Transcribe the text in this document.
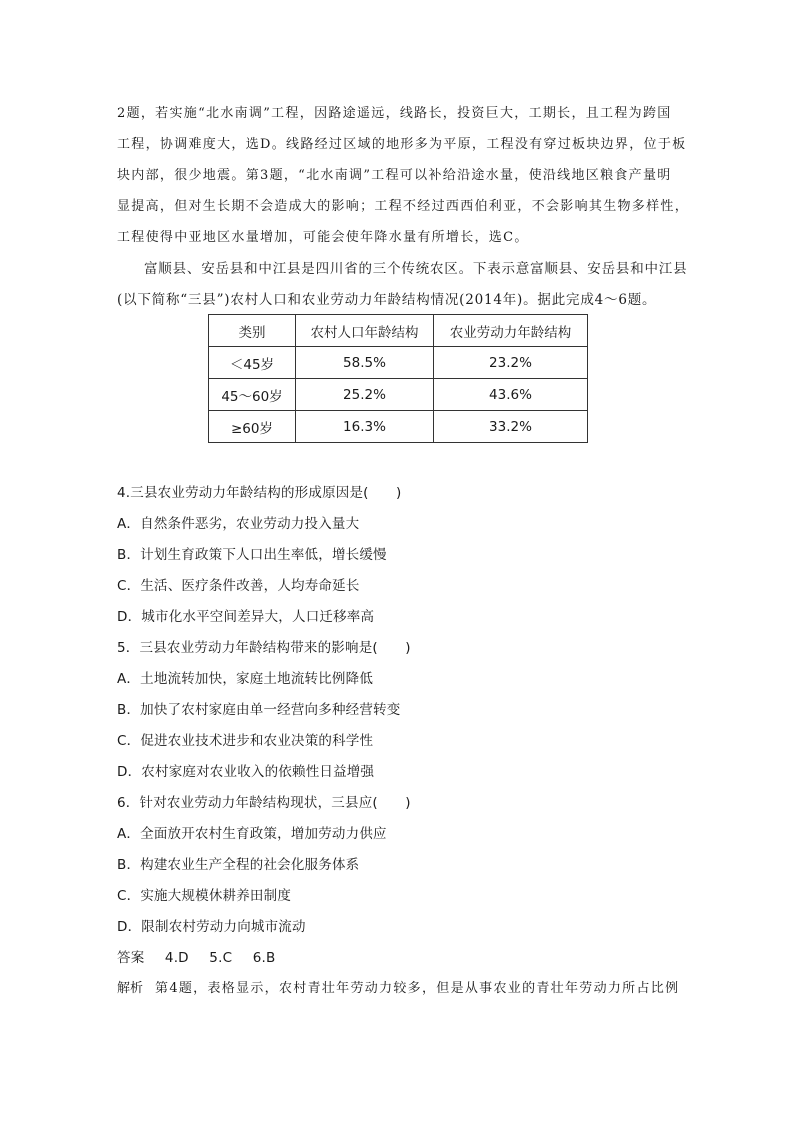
2题，若实施“北水南调”工程，因路途遥远，线路长，投资巨大，工期长，且工程为跨国
工程，协调难度大，选D。线路经过区域的地形多为平原，工程没有穿过板块边界，位于板
块内部，很少地震。第3题，“北水南调”工程可以补给沿途水量，使沿线地区粮食产量明
显提高，但对生长期不会造成大的影响；工程不经过西西伯利亚，不会影响其生物多样性，
工程使得中亚地区水量增加，可能会使年降水量有所增长，选C。
富顺县、安岳县和中江县是四川省的三个传统农区。下表示意富顺县、安岳县和中江县
(以下简称“三县”)农村人口和农业劳动力年龄结构情况(2014年)。据此完成4～6题。
类别	农村人口年龄结构	农业劳动力年龄结构
＜45岁	58.5%	23.2%
45～60岁	25.2%	43.6%
≥60岁	16.3%	33.2%
4.三县农业劳动力年龄结构的形成原因是(　　)
A．自然条件恶劣，农业劳动力投入量大
B．计划生育政策下人口出生率低，增长缓慢
C．生活、医疗条件改善，人均寿命延长
D．城市化水平空间差异大，人口迁移率高
5．三县农业劳动力年龄结构带来的影响是(　　)
A．土地流转加快，家庭土地流转比例降低
B．加快了农村家庭由单一经营向多种经营转变
C．促进农业技术进步和农业决策的科学性
D．农村家庭对农业收入的依赖性日益增强
6．针对农业劳动力年龄结构现状，三县应(　　)
A．全面放开农村生育政策，增加劳动力供应
B．构建农业生产全程的社会化服务体系
C．实施大规模休耕养田制度
D．限制农村劳动力向城市流动
答案 4.D 5.C 6.B
解析 第4题，表格显示，农村青壮年劳动力较多，但是从事农业的青壮年劳动力所占比例
